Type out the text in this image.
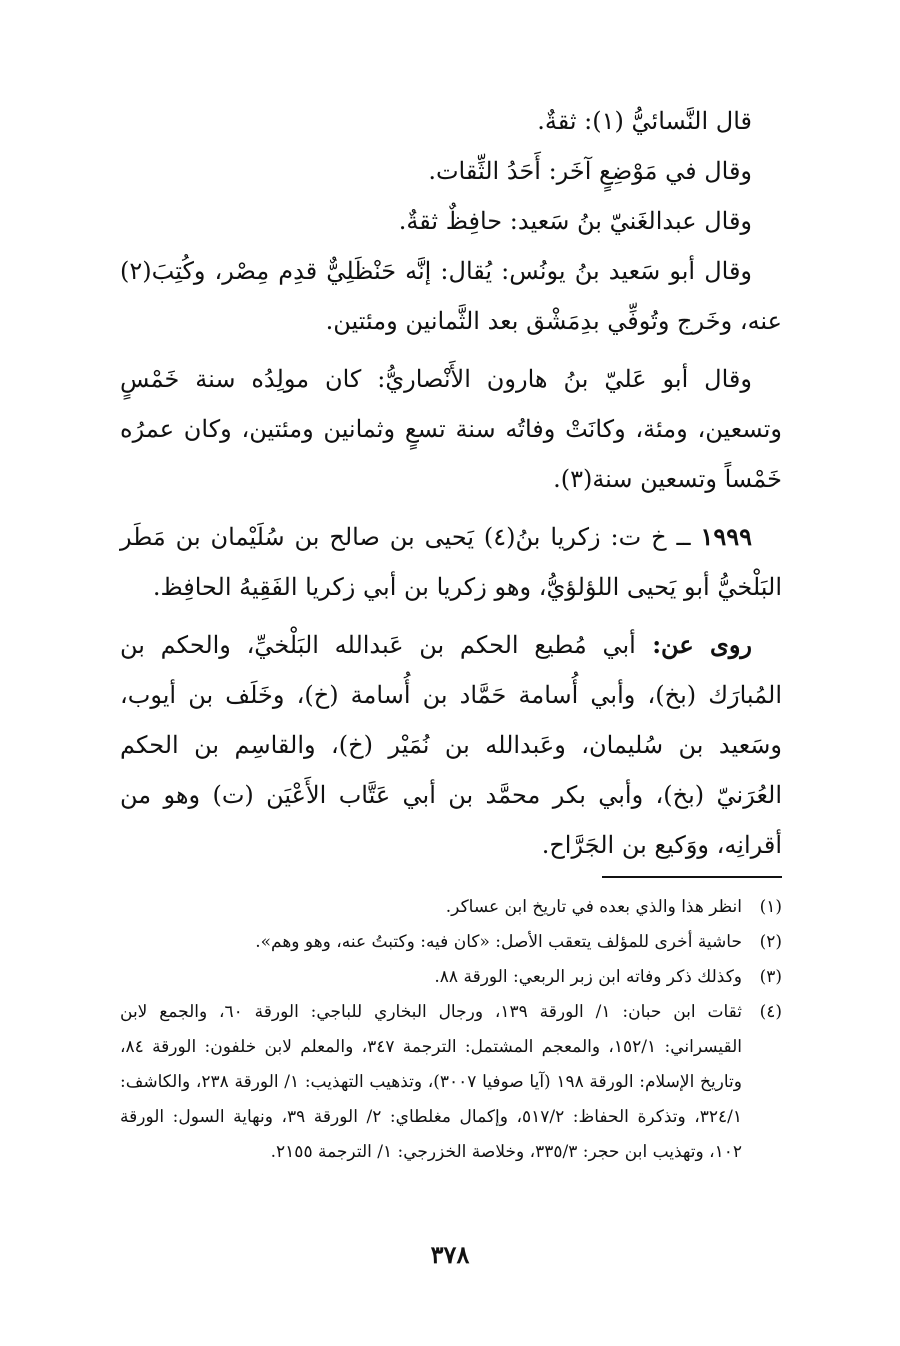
قال النَّسائيُّ (١): ثقةٌ.

وقال في مَوْضِعٍ آخَر: أَحَدُ الثِّقات.

وقال عبدالغَنيّ بنُ سَعيد: حافِظٌ ثقةٌ.

وقال أبو سَعيد بنُ يونُس: يُقال: إنَّه حَنْظَلِيٌّ قدِم مِصْر، وكُتِبَ(٢) عنه، وخَرج وتُوفِّي بدِمَشْق بعد الثَّمانين ومئتين.

وقال أبو عَليّ بنُ هارون الأَنْصاريُّ: كان مولِدُه سنة خَمْسٍ وتسعين، ومئة، وكانَتْ وفاتُه سنة تسعٍ وثمانين ومئتين، وكان عمرُه خَمْساً وتسعين سنة(٣).

١٩٩٩ ــ خ ت: زكريا بنُ(٤) يَحيى بن صالح بن سُلَيْمان بن مَطَر البَلْخيُّ أبو يَحيى اللؤلؤيُّ، وهو زكريا بن أبي زكريا الفَقِيهُ الحافِظ.

روى عن: أبي مُطيع الحكم بن عَبدالله البَلْخيِّ، والحكم بن المُبارَك (بخ)، وأبي أُسامة حَمَّاد بن أُسامة (خ)، وخَلَف بن أيوب، وسَعيد بن سُليمان، وعَبدالله بن نُمَيْر (خ)، والقاسِم بن الحكم العُرَنيّ (بخ)، وأبي بكر محمَّد بن أبي عَتَّاب الأَعْيَن (ت) وهو من أقرانِه، ووَكيع بن الجَرَّاح.

(١)
انظر هذا والذي بعده في تاريخ ابن عساكر.
(٢)
حاشية أخرى للمؤلف يتعقب الأصل: «كان فيه: وكتبتُ عنه، وهو وهم».
(٣)
وكذلك ذكر وفاته ابن زبر الربعي: الورقة ٨٨.
(٤)
ثقات ابن حبان: ١/ الورقة ١٣٩، ورجال البخاري للباجي: الورقة ٦٠، والجمع لابن القيسراني: ١٥٢/١، والمعجم المشتمل: الترجمة ٣٤٧، والمعلم لابن خلفون: الورقة ٨٤، وتاريخ الإسلام: الورقة ١٩٨ (آيا صوفيا ٣٠٠٧)، وتذهيب التهذيب: ١/ الورقة ٢٣٨، والكاشف: ٣٢٤/١، وتذكرة الحفاظ: ٥١٧/٢، وإكمال مغلطاي: ٢/ الورقة ٣٩، ونهاية السول: الورقة ١٠٢، وتهذيب ابن حجر: ٣٣٥/٣، وخلاصة الخزرجي: ١/ الترجمة ٢١٥٥.
٣٧٨
